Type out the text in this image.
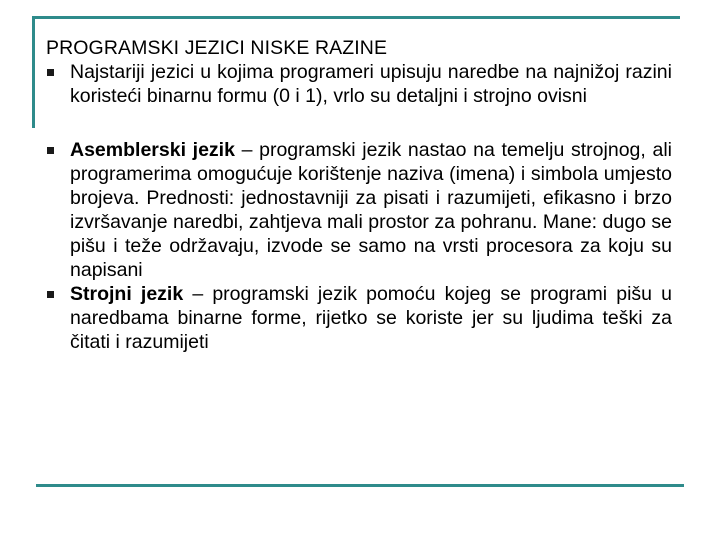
PROGRAMSKI JEZICI NISKE RAZINE
Najstariji jezici u kojima programeri upisuju naredbe na najnižoj razini koristeći binarnu formu (0 i 1), vrlo su detaljni i strojno ovisni
Asemblerski jezik – programski jezik nastao na temelju strojnog, ali programerima omogućuje korištenje naziva (imena) i simbola umjesto brojeva. Prednosti: jednostavniji za pisati i razumijeti, efikasno i brzo izvršavanje naredbi, zahtjeva mali prostor za pohranu. Mane: dugo se pišu i teže održavaju, izvode se samo na vrsti procesora za koju su napisani
Strojni jezik – programski jezik pomoću kojeg se programi pišu u naredbama binarne forme, rijetko se koriste jer su ljudima teški za čitati i razumijeti
